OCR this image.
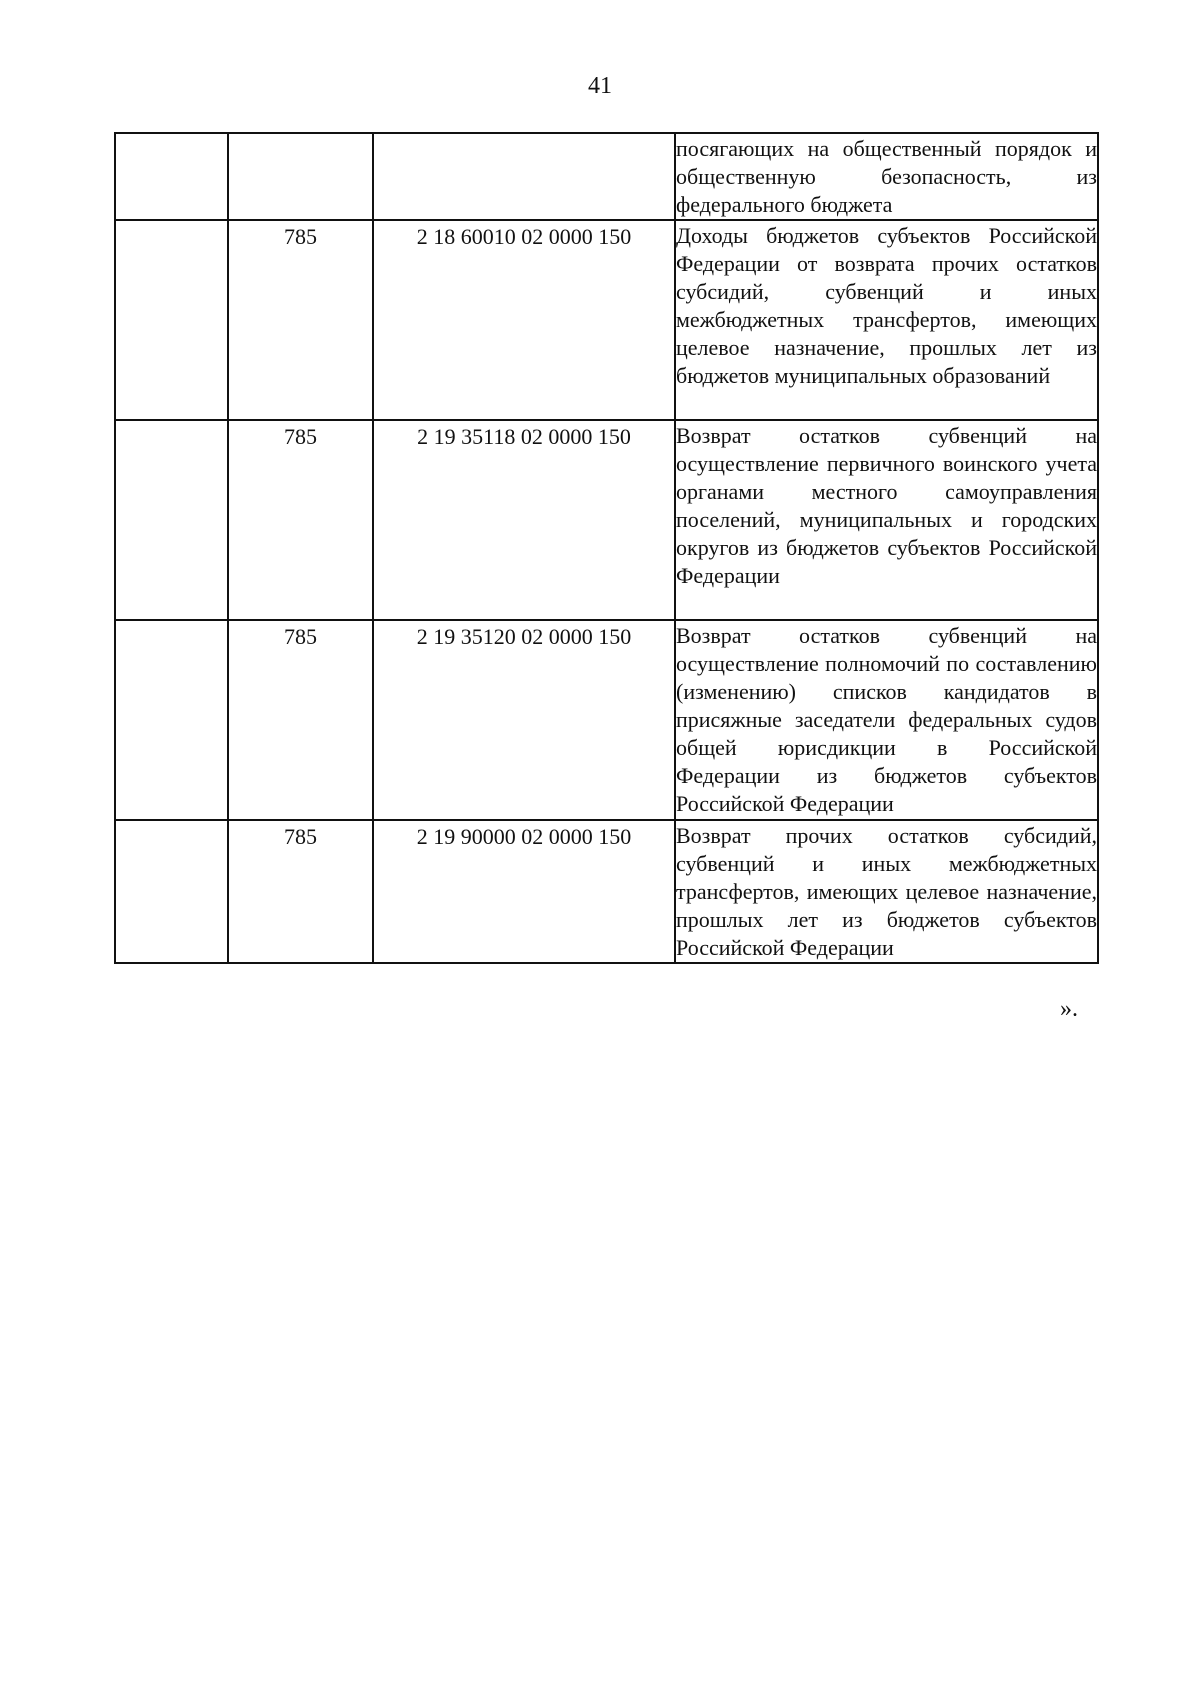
41
			посягающих на общественный порядок и общественную безопасность, из федерального бюджета
	785	2 18 60010 02 0000 150	Доходы бюджетов субъектов Российской Федерации от возврата прочих остатков субсидий, субвенций и иных межбюджетных трансфертов, имеющих целевое назначение, прошлых лет из бюджетов муниципальных образований
	785	2 19 35118 02 0000 150	Возврат остатков субвенций на осуществление первичного воинского учета органами местного самоуправления поселений, муниципальных и городских округов из бюджетов субъектов Российской Федерации
	785	2 19 35120 02 0000 150	Возврат остатков субвенций на осуществление полномочий по составлению (изменению) списков кандидатов в присяжные заседатели федеральных судов общей юрисдикции в Российской Федерации из бюджетов субъектов Российской Федерации
	785	2 19 90000 02 0000 150	Возврат прочих остатков субсидий, субвенций и иных межбюджетных трансфертов, имеющих целевое назначение, прошлых лет из бюджетов субъектов Российской Федерации
».
